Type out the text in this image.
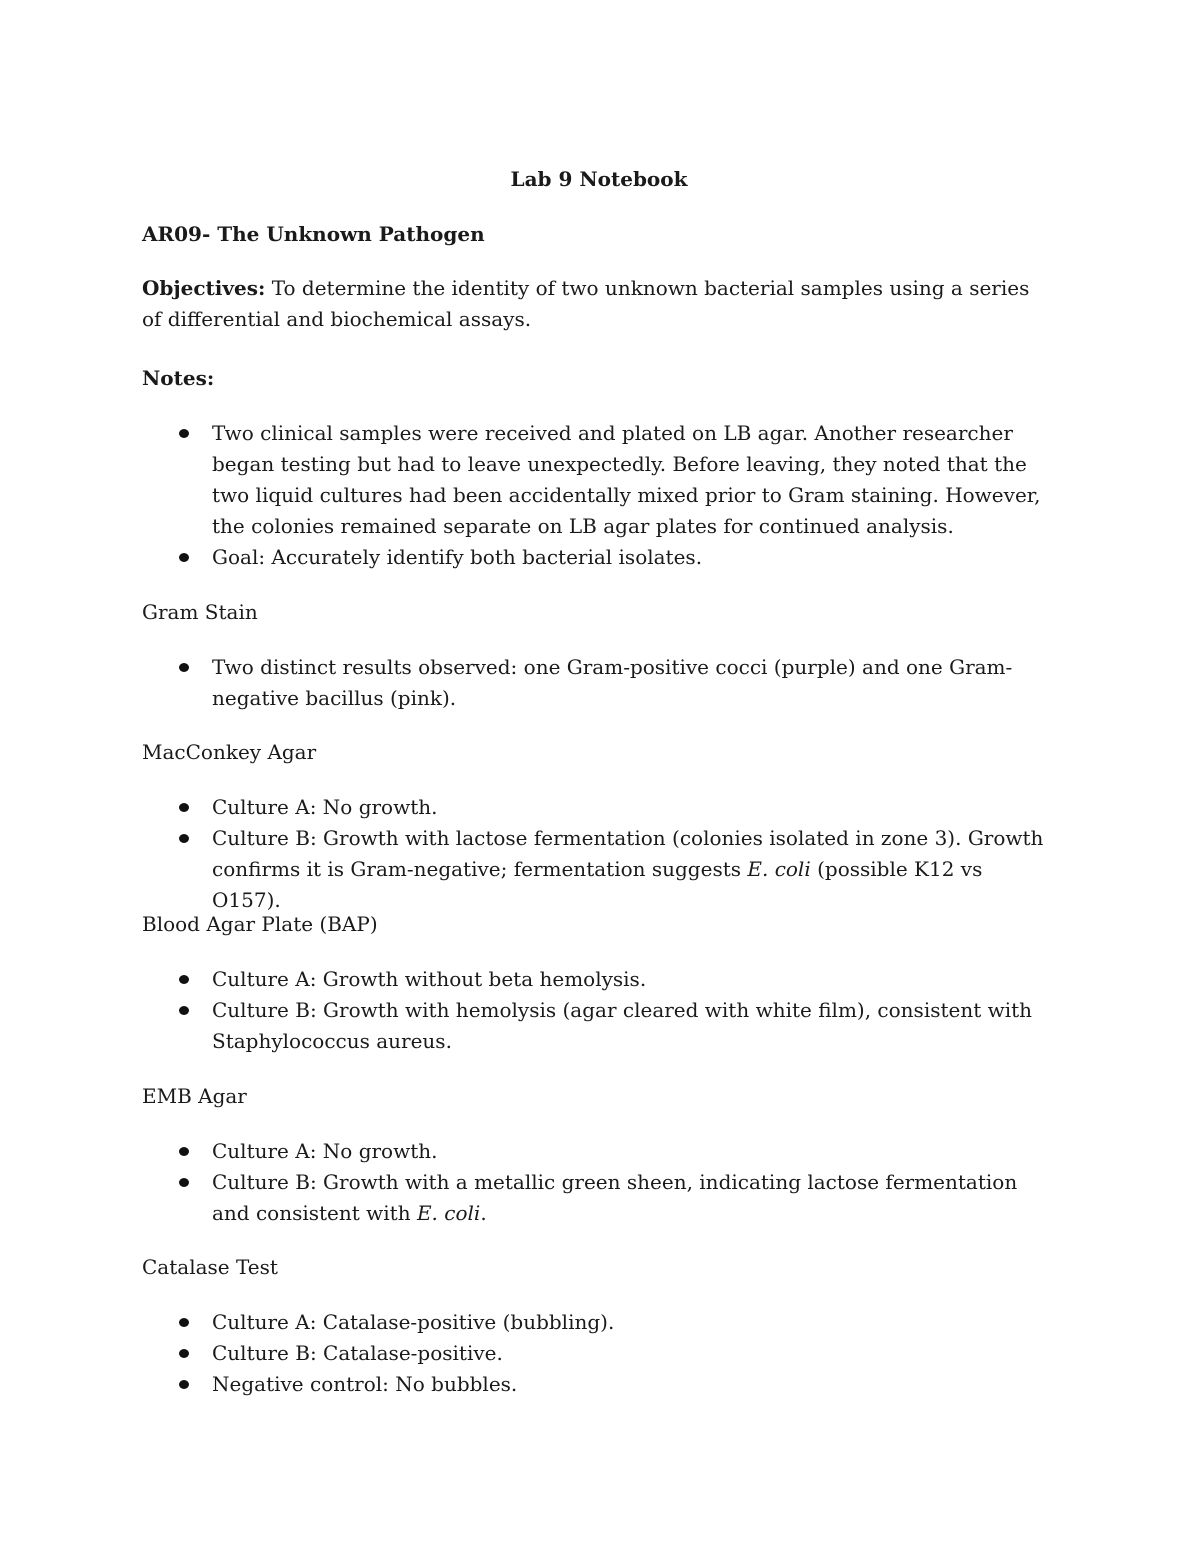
Lab 9 Notebook
AR09- The Unknown Pathogen
Objectives: To determine the identity of two unknown bacterial samples using a series of differential and biochemical assays.
Notes:
Two clinical samples were received and plated on LB agar. Another researcher began testing but had to leave unexpectedly. Before leaving, they noted that the two liquid cultures had been accidentally mixed prior to Gram staining. However, the colonies remained separate on LB agar plates for continued analysis.
Goal: Accurately identify both bacterial isolates.
Gram Stain
Two distinct results observed: one Gram-positive cocci (purple) and one Gram-negative bacillus (pink).
MacConkey Agar
Culture A: No growth.
Culture B: Growth with lactose fermentation (colonies isolated in zone 3). Growth confirms it is Gram-negative; fermentation suggests E. coli (possible K12 vs O157).
Blood Agar Plate (BAP)
Culture A: Growth without beta hemolysis.
Culture B: Growth with hemolysis (agar cleared with white film), consistent with Staphylococcus aureus.
EMB Agar
Culture A: No growth.
Culture B: Growth with a metallic green sheen, indicating lactose fermentation and consistent with E. coli.
Catalase Test
Culture A: Catalase-positive (bubbling).
Culture B: Catalase-positive.
Negative control: No bubbles.
